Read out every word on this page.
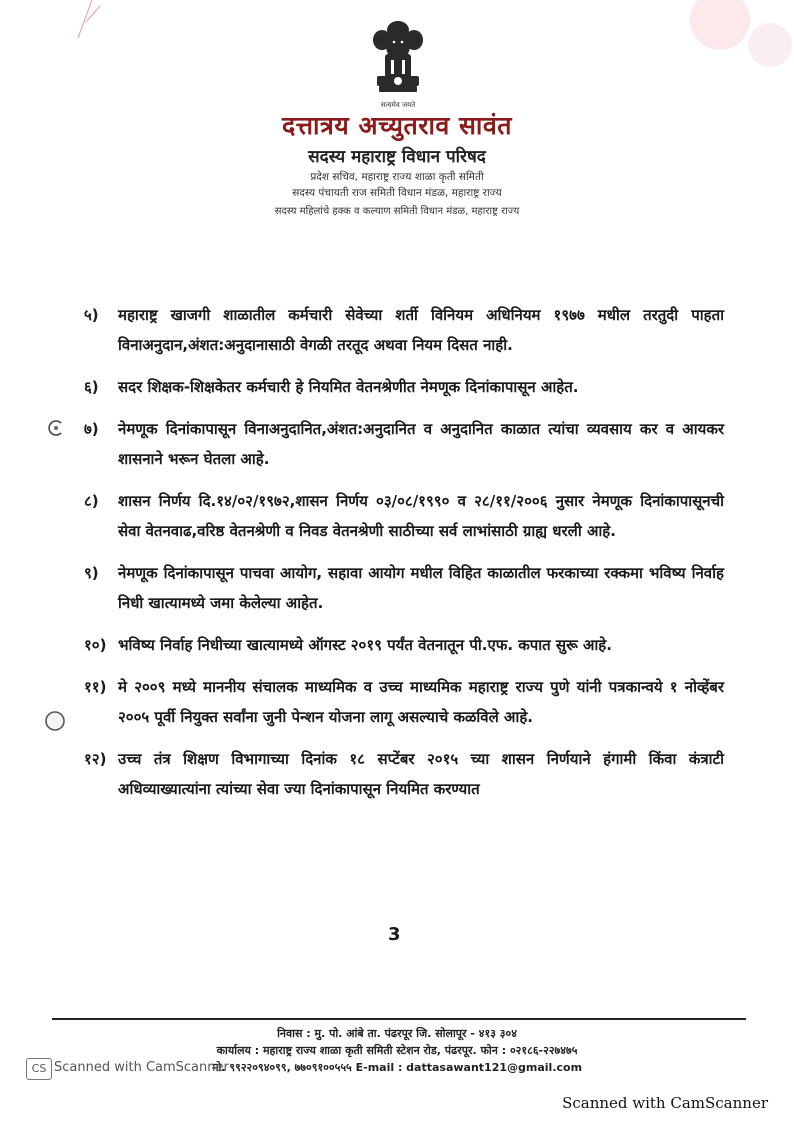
सत्यमेव जयते
दत्तात्रय अच्युतराव सावंत
सदस्य महाराष्ट्र विधान परिषद
प्रदेश सचिव, महाराष्ट्र राज्य शाळा कृती समिती
सदस्य पंचायती राज समिती विधान मंडळ, महाराष्ट्र राज्य
सदस्य महिलांचे हक्क व कल्याण समिती विधान मंडळ, महाराष्ट्र राज्य
५)	महाराष्ट्र खाजगी शाळातील कर्मचारी सेवेच्या शर्ती विनियम अधिनियम १९७७ मधील तरतुदी पाहता विनाअनुदान,अंशत:अनुदानासाठी वेगळी तरतूद अथवा नियम दिसत नाही.
६)	सदर शिक्षक-शिक्षकेतर कर्मचारी हे नियमित वेतनश्रेणीत नेमणूक दिनांकापासून आहेत.
७)	नेमणूक दिनांकापासून विनाअनुदानित,अंशत:अनुदानित व अनुदानित काळात त्यांचा व्यवसाय कर व आयकर शासनाने भरून घेतला आहे.
८)	शासन निर्णय दि.१४/०२/१९७२,शासन निर्णय ०३/०८/१९९० व २८/११/२००६ नुसार नेमणूक दिनांकापासूनची सेवा वेतनवाढ,वरिष्ठ वेतनश्रेणी व निवड वेतनश्रेणी साठीच्या सर्व लाभांसाठी ग्राह्य धरली आहे.
९)	नेमणूक दिनांकापासून पाचवा आयोग, सहावा आयोग मधील विहित काळातील फरकाच्या रक्कमा भविष्य निर्वाह निधी खात्यामध्ये जमा केलेल्या आहेत.
१०) भविष्य निर्वाह निधीच्या खात्यामध्ये ऑगस्ट २०१९ पर्यंत वेतनातून पी.एफ. कपात सुरू आहे.
११) मे २००९ मध्ये माननीय संचालक माध्यमिक व उच्च माध्यमिक महाराष्ट्र राज्य पुणे यांनी पत्रकान्वये १ नोव्हेंबर २००५ पूर्वी नियुक्त सर्वांना जुनी पेन्शन योजना लागू असल्याचे कळविले आहे.
१२) उच्च तंत्र शिक्षण विभागाच्या दिनांक १८ सप्टेंबर २०१५ च्या शासन निर्णयाने हंगामी किंवा कंत्राटी अधिव्याख्यात्यांना त्यांच्या सेवा ज्या दिनांकापासून नियमित करण्यात
3
निवास : मु. पो. आंबे ता. पंढरपूर जि. सोलापूर - ४१३ ३०४
कार्यालय : महाराष्ट्र राज्य शाळा कृती समिती स्टेशन रोड, पंढरपूर. फोन : ०२१८६-२२७४७५
मो. ९९२२०९४०९९, ७७०९१००५५५ E-mail : dattasawant121@gmail.com
CS Scanned with CamScanner
Scanned with CamScanner
